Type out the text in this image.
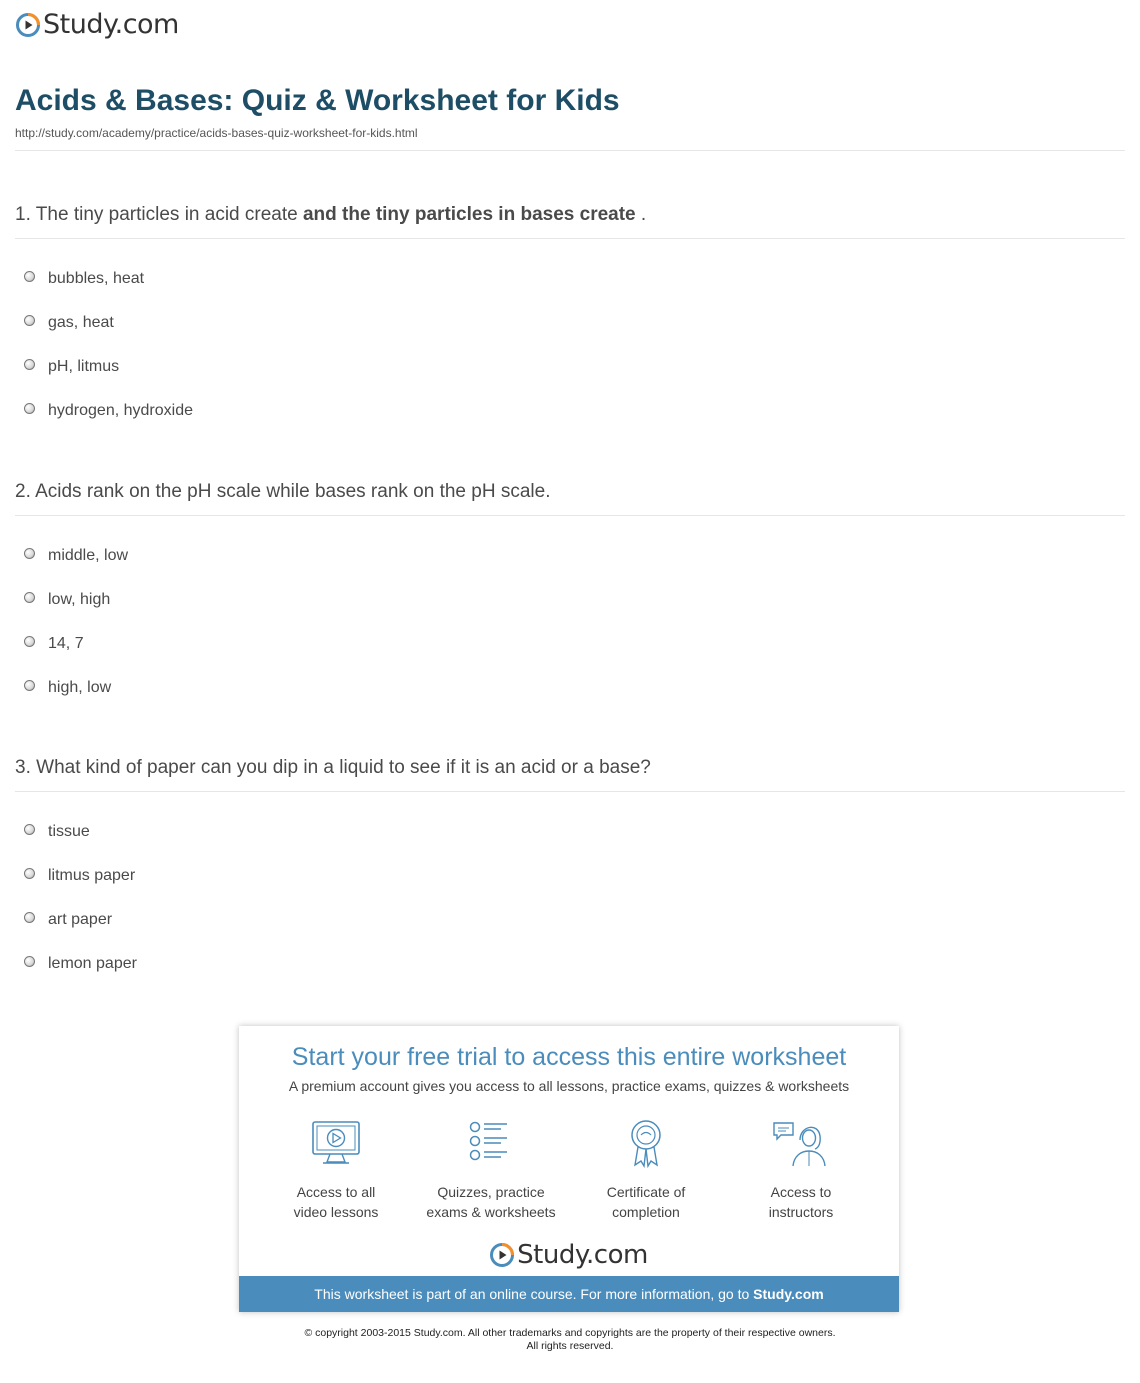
Study.com
Acids & Bases: Quiz & Worksheet for Kids
http://study.com/academy/practice/acids-bases-quiz-worksheet-for-kids.html
1. The tiny particles in acid create and the tiny particles in bases create .
bubbles, heat
gas, heat
pH, litmus
hydrogen, hydroxide
2. Acids rank on the pH scale while bases rank on the pH scale.
middle, low
low, high
14, 7
high, low
3. What kind of paper can you dip in a liquid to see if it is an acid or a base?
tissue
litmus paper
art paper
lemon paper
Start your free trial to access this entire worksheet
A premium account gives you access to all lessons, practice exams, quizzes & worksheets
Access to all
video lessons
Quizzes, practice
exams & worksheets
Certificate of
completion
Access to
instructors
Study.com
This worksheet is part of an online course. For more information, go to Study.com
© copyright 2003-2015 Study.com. All other trademarks and copyrights are the property of their respective owners.
All rights reserved.
